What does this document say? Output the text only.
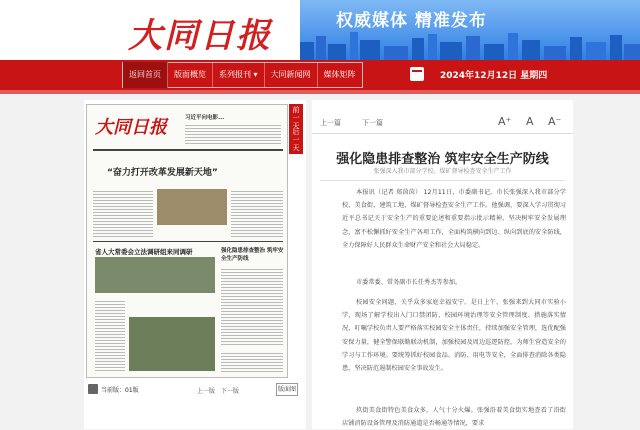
大同日报	权威媒体 精准发布
返回首页	版面概览	系列报刊 ▾	大同新闻网	媒体矩阵	2024年12月12日 星期四
大同日报	习近平向电影...
“奋力打开改革发展新天地”
省人大常委会立法调研组来同调研	强化隐患排查整治 筑牢安全生产防线
前
一
天
后
一
天
当前版：01版	上一版 下一版	版面图
上一篇	下一篇	A⁺ A A⁻
强化隐患排查整治 筑牢安全生产防线
张强深入我市部分学校、煤矿督导检查安全生产工作
本报讯（记者 郑茵茵） 12月11日，市委副书记、市长张强深入我市部分学校、美食街、建筑工地、煤矿督导检查安全生产工作。他强调，要深入学习贯彻习近平总书记关于安全生产的重要论述和重要指示批示精神，坚决树牢安全发展理念，富不松懈抓好安全生产各项工作，全面构筑横向到边、纵向到底的安全防线，全力保障好人民群众生命财产安全和社会大局稳定。
市委常委、常务副市长任秀杰等参加。
校园安全问题，关乎众多家庭幸福安宁。是日上午，张强来到大同市实验小学，现场了解学校出入门口禁闭防、校园环境治理等安全管理制度、措施落实情况，叮嘱学校负责人要严格落实校园安全主体责任，持续加强安全管理，选优配强安保力量，健全警保联勤联动机制，加强校园及周边巡逻防控，为师生营造安全的学习与工作环境。要统筹抓好校园食品、消防、用电等安全，全面排查消除各类隐患，坚决防范遏制校园安全事故发生。
玖街美食街特色美食众多，人气十分火爆。张强沿着美食街实地查看了沿街店铺消防设备管理及消防通道是否畅通等情况，要求
